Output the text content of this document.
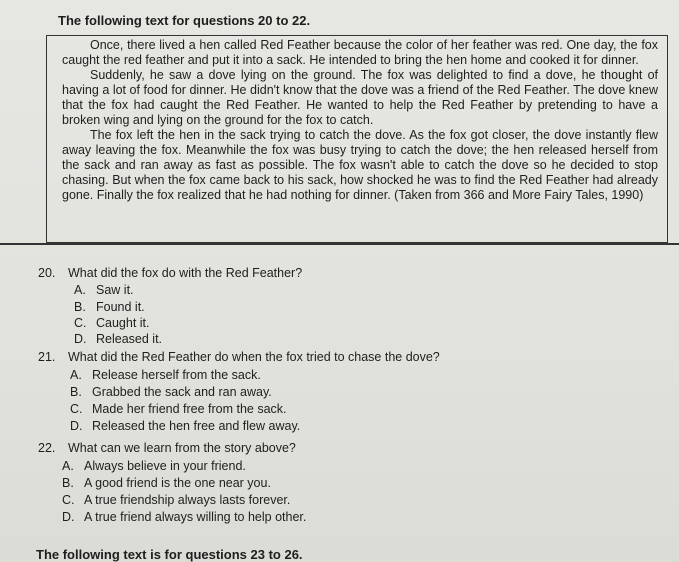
The following text for questions 20 to 22.

Once, there lived a hen called Red Feather because the color of her feather was red. One day, the fox caught the red feather and put it into a sack. He intended to bring the hen home and cooked it for dinner.

Suddenly, he saw a dove lying on the ground. The fox was delighted to find a dove, he thought of having a lot of food for dinner. He didn't know that the dove was a friend of the Red Feather. The dove knew that the fox had caught the Red Feather. He wanted to help the Red Feather by pretending to have a broken wing and lying on the ground for the fox to catch.

The fox left the hen in the sack trying to catch the dove. As the fox got closer, the dove instantly flew away leaving the fox. Meanwhile the fox was busy trying to catch the dove; the hen released herself from the sack and ran away as fast as possible. The fox wasn't able to catch the dove so he decided to stop chasing. But when the fox came back to his sack, how shocked he was to find the Red Feather had already gone. Finally the fox realized that he had nothing for dinner. (Taken from 366 and More Fairy Tales, 1990)

20. What did the fox do with the Red Feather?
A. Saw it.
B. Found it.
C. Caught it.
D. Released it.
21. What did the Red Feather do when the fox tried to chase the dove?
A. Release herself from the sack.
B. Grabbed the sack and ran away.
C. Made her friend free from the sack.
D. Released the hen free and flew away.
22. What can we learn from the story above?
A. Always believe in your friend.
B. A good friend is the one near you.
C. A true friendship always lasts forever.
D. A true friend always willing to help other.
The following text is for questions 23 to 26.
